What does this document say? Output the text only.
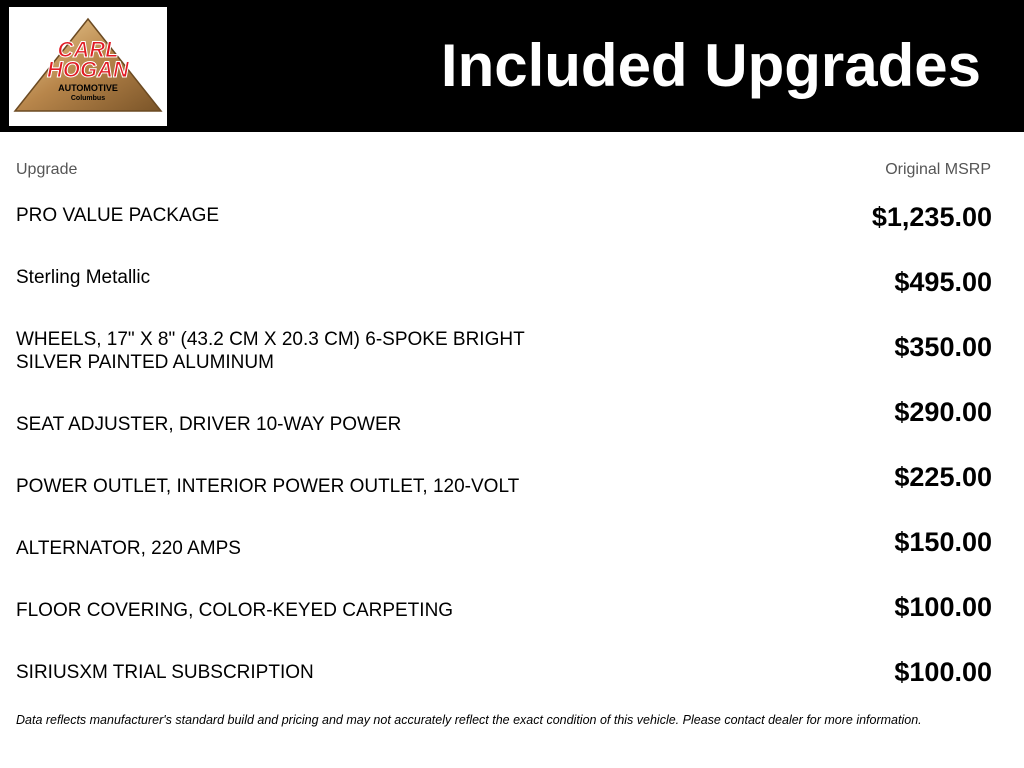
CARL
HOGAN
AUTOMOTIVE
Columbus	Included Upgrades
Upgrade	Original MSRP
PRO VALUE PACKAGE	$1,235.00
Sterling Metallic	$495.00
WHEELS, 17" X 8" (43.2 CM X 20.3 CM) 6-SPOKE BRIGHT SILVER PAINTED ALUMINUM
$350.00
SEAT ADJUSTER, DRIVER 10-WAY POWER	$290.00
POWER OUTLET, INTERIOR POWER OUTLET, 120-VOLT	$225.00
ALTERNATOR, 220 AMPS	$150.00
FLOOR COVERING, COLOR-KEYED CARPETING	$100.00
SIRIUSXM TRIAL SUBSCRIPTION	$100.00
Data reflects manufacturer's standard build and pricing and may not accurately reflect the exact condition of this vehicle. Please contact dealer for more information.
